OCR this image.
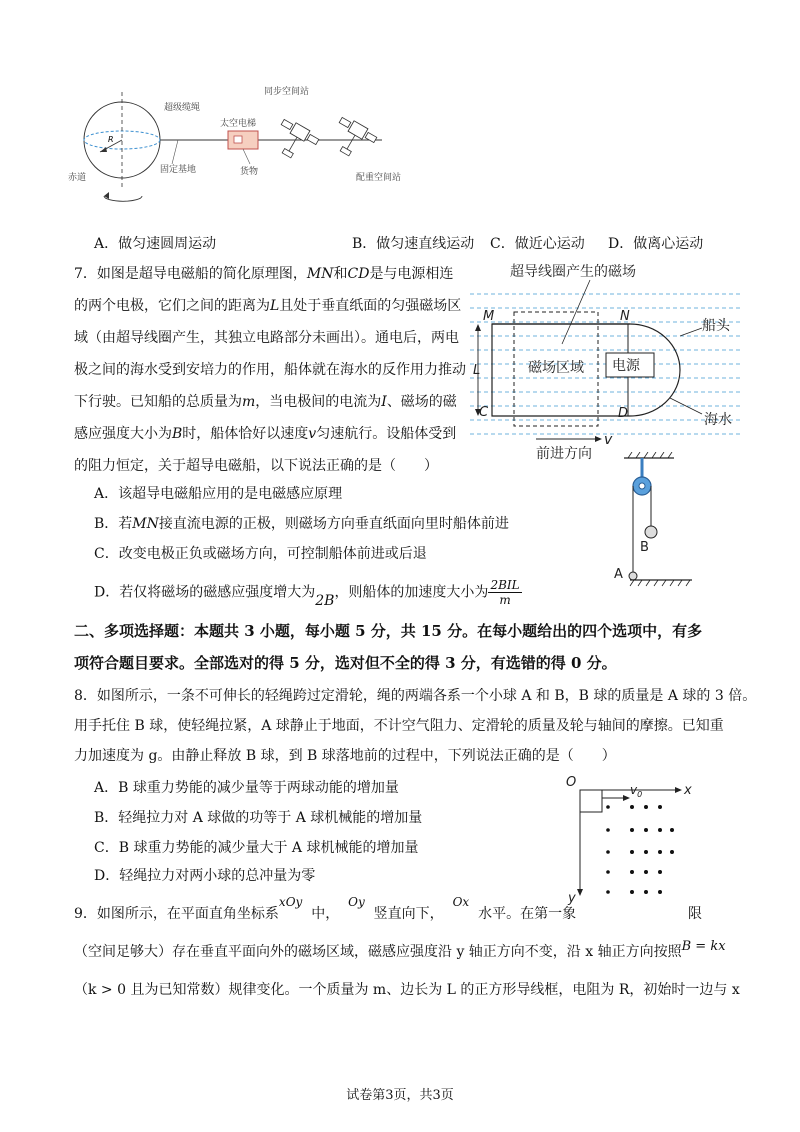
R
同步空间站
超级缆绳
太空电梯
赤道
固定基地	货物
配重空间站
A．做匀速圆周运动	B．做匀速直线运动 C．做近心运动 D．做离心运动
7．如图是超导电磁船的简化原理图，MN和CD是与电源相连
的两个电极，它们之间的距离为L且处于垂直纸面的匀强磁场区
域（由超导线圈产生，其独立电路部分未画出）。通电后，两电
极之间的海水受到安培力的作用，船体就在海水的反作用力推动
下行驶。已知船的总质量为m，当电极间的电流为I、磁场的磁
感应强度大小为B时，船体恰好以速度v匀速航行。设船体受到
的阻力恒定，关于超导电磁船，以下说法正确的是（　　）
A．该超导电磁船应用的是电磁感应原理
B．若MN接直流电源的正极，则磁场方向垂直纸面向里时船体前进
C．改变电极正负或磁场方向，可控制船体前进或后退
D．若仅将磁场的磁感应强度增大为2B，则船体的加速度大小为 $\frac{\text{2BIL}}{m}$
超导线圈产生的磁场
磁场区域 电源
L
M	N
C	D
船头
海水
v
前进方向
B
A
二、多项选择题：本题共 3 小题，每小题 5 分，共 15 分。在每小题给出的四个选项中，有多
项符合题目要求。全部选对的得 5 分，选对但不全的得 3 分，有选错的得 0 分。
8．如图所示，一条不可伸长的轻绳跨过定滑轮，绳的两端各系一个小球 A 和 B，B 球的质量是 A 球的 3 倍。
用手托住 B 球，使轻绳拉紧，A 球静止于地面，不计空气阻力、定滑轮的质量及轮与轴间的摩擦。已知重
力加速度为 g。由静止释放 B 球，到 B 球落地前的过程中，下列说法正确的是（　　）
A．B 球重力势能的减少量等于两球动能的增加量
B．轻绳拉力对 A 球做的功等于 A 球机械能的增加量
C．B 球重力势能的减少量大于 A 球机械能的增加量
D．轻绳拉力对两小球的总冲量为零
O
x
y
$v_0$
9．如图所示，在平面直角坐标系xOy  中，  Oy  竖直向下，  Ox  水平。在第一象	限
（空间足够大）存在垂直平面向外的磁场区域，磁感应强度沿 y 轴正方向不变，沿 x 轴正方向按照B = kx
（k > 0 且为已知常数）规律变化。一个质量为 m、边长为 L 的正方形导线框，电阻为 R，初始时一边与 x
试卷第3页，共3页
